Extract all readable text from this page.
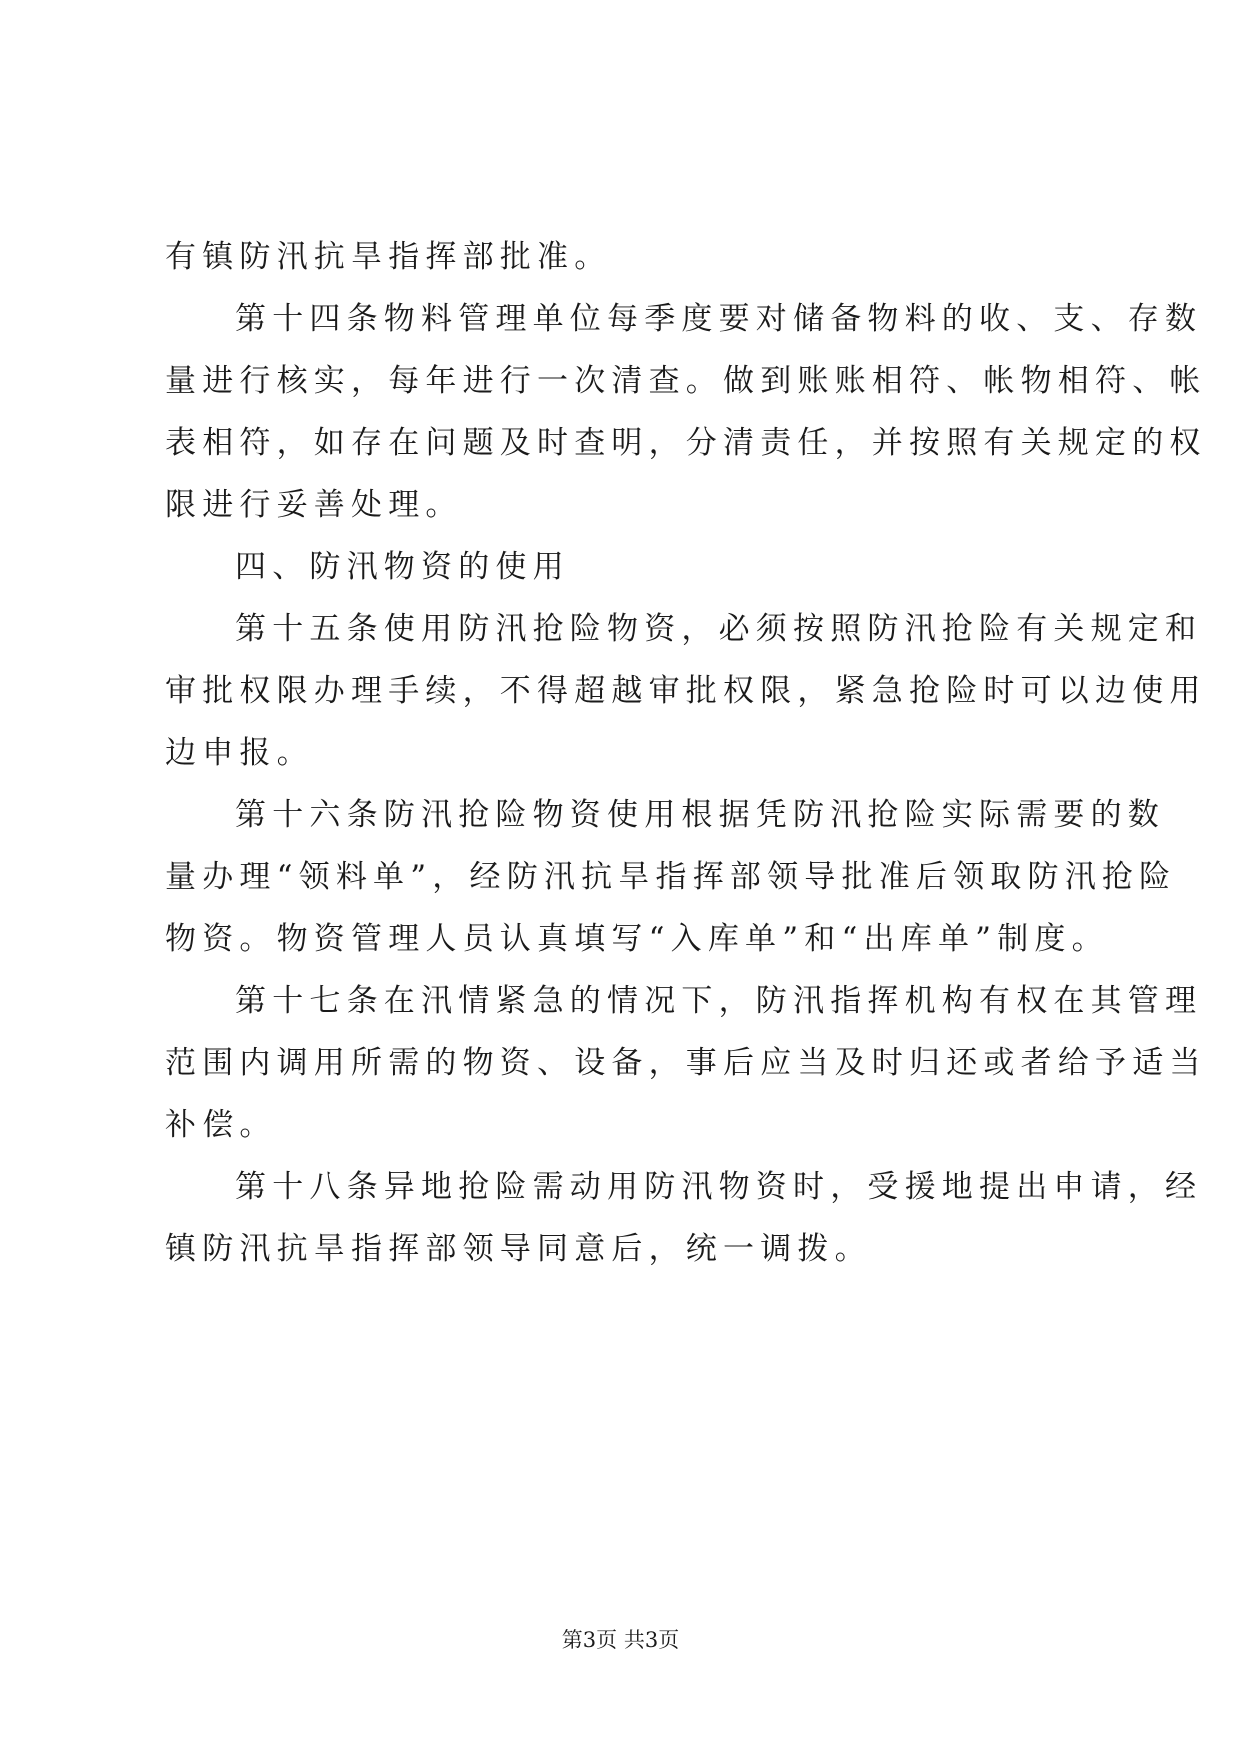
有镇防汛抗旱指挥部批准。
第十四条物料管理单位每季度要对储备物料的收、支、存数
量进行核实，每年进行一次清查。做到账账相符、帐物相符、帐
表相符，如存在问题及时查明，分清责任，并按照有关规定的权
限进行妥善处理。
四、防汛物资的使用
第十五条使用防汛抢险物资，必须按照防汛抢险有关规定和
审批权限办理手续，不得超越审批权限，紧急抢险时可以边使用
边申报。
第十六条防汛抢险物资使用根据凭防汛抢险实际需要的数
量办理“领料单”，经防汛抗旱指挥部领导批准后领取防汛抢险
物资。物资管理人员认真填写“入库单”和“出库单”制度。
第十七条在汛情紧急的情况下，防汛指挥机构有权在其管理
范围内调用所需的物资、设备，事后应当及时归还或者给予适当
补偿。
第十八条异地抢险需动用防汛物资时，受援地提出申请，经
镇防汛抗旱指挥部领导同意后，统一调拨。
第3页 共3页
